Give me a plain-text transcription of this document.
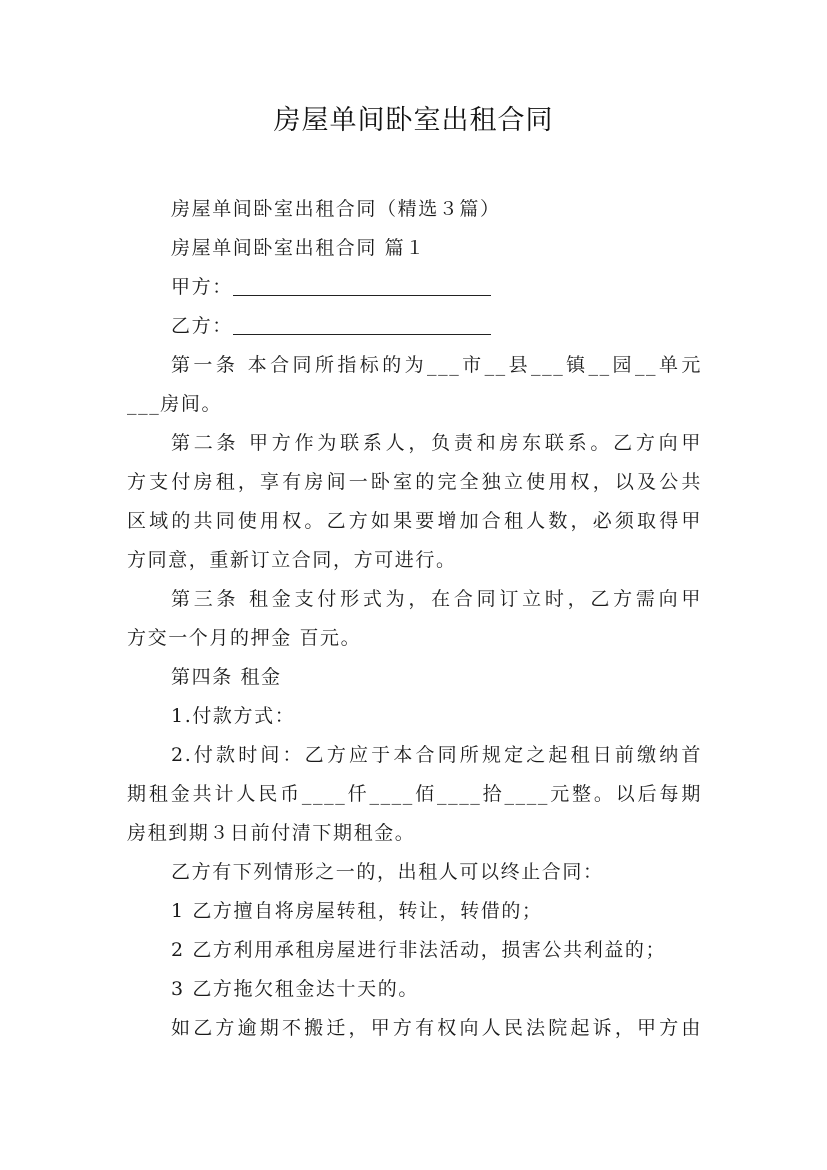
房屋单间卧室出租合同

房屋单间卧室出租合同（精选３篇）

房屋单间卧室出租合同 篇１

甲方：

乙方：

第一条 本合同所指标的为___市__县___镇__园__单元

___房间。

第二条 甲方作为联系人，负责和房东联系。乙方向甲

方支付房租，享有房间一卧室的完全独立使用权，以及公共

区域的共同使用权。乙方如果要增加合租人数，必须取得甲

方同意，重新订立合同，方可进行。

第三条 租金支付形式为，在合同订立时，乙方需向甲

方交一个月的押金 百元。

第四条 租金

1.付款方式：

2.付款时间：乙方应于本合同所规定之起租日前缴纳首

期租金共计人民币____仟____佰____拾____元整。以后每期

房租到期３日前付清下期租金。

乙方有下列情形之一的，出租人可以终止合同：

1 乙方擅自将房屋转租，转让，转借的；

2 乙方利用承租房屋进行非法活动，损害公共利益的；

3 乙方拖欠租金达十天的。

如乙方逾期不搬迁，甲方有权向人民法院起诉，甲方由
